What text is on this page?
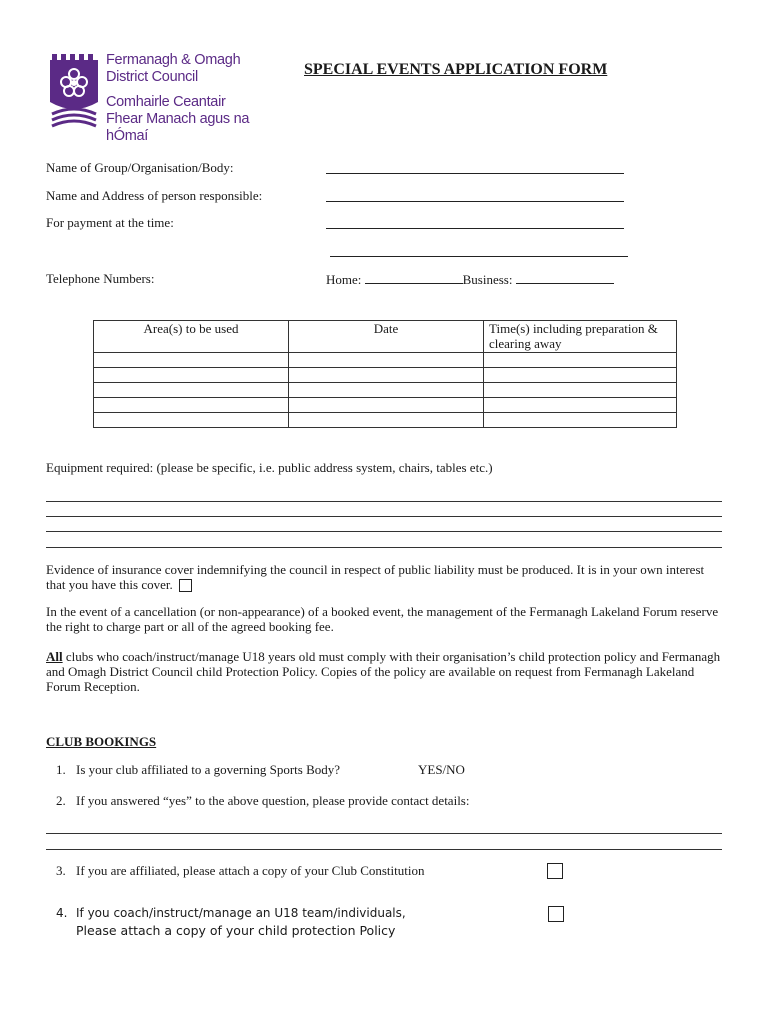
Fermanagh & Omagh
District Council
Comhairle Ceantair
Fhear Manach agus na hÓmaí
SPECIAL EVENTS APPLICATION FORM
Name of Group/Organisation/Body:
Name and Address of person responsible:
For payment at the time:
Telephone Numbers:	Home:	Business:
Area(s) to be used	Date	Time(s) including preparation & clearing away

Equipment required: (please be specific, i.e. public address system, chairs, tables etc.)
Evidence of insurance cover indemnifying the council in respect of public liability must be produced. It is in your own interest that you have this cover.
In the event of a cancellation (or non-appearance) of a booked event, the management of the Fermanagh Lakeland Forum reserve the right to charge part or all of the agreed booking fee.
All clubs who coach/instruct/manage U18 years old must comply with their organisation’s child protection policy and Fermanagh and Omagh District Council child Protection Policy. Copies of the policy are available on request from Fermanagh Lakeland Forum Reception.
CLUB BOOKINGS
1. Is your club affiliated to a governing Sports Body?	YES/NO
2. If you answered “yes” to the above question, please provide contact details:
3. If you are affiliated, please attach a copy of your Club Constitution
4. If you coach/instruct/manage an U18 team/individuals,
Please attach a copy of your child protection Policy
